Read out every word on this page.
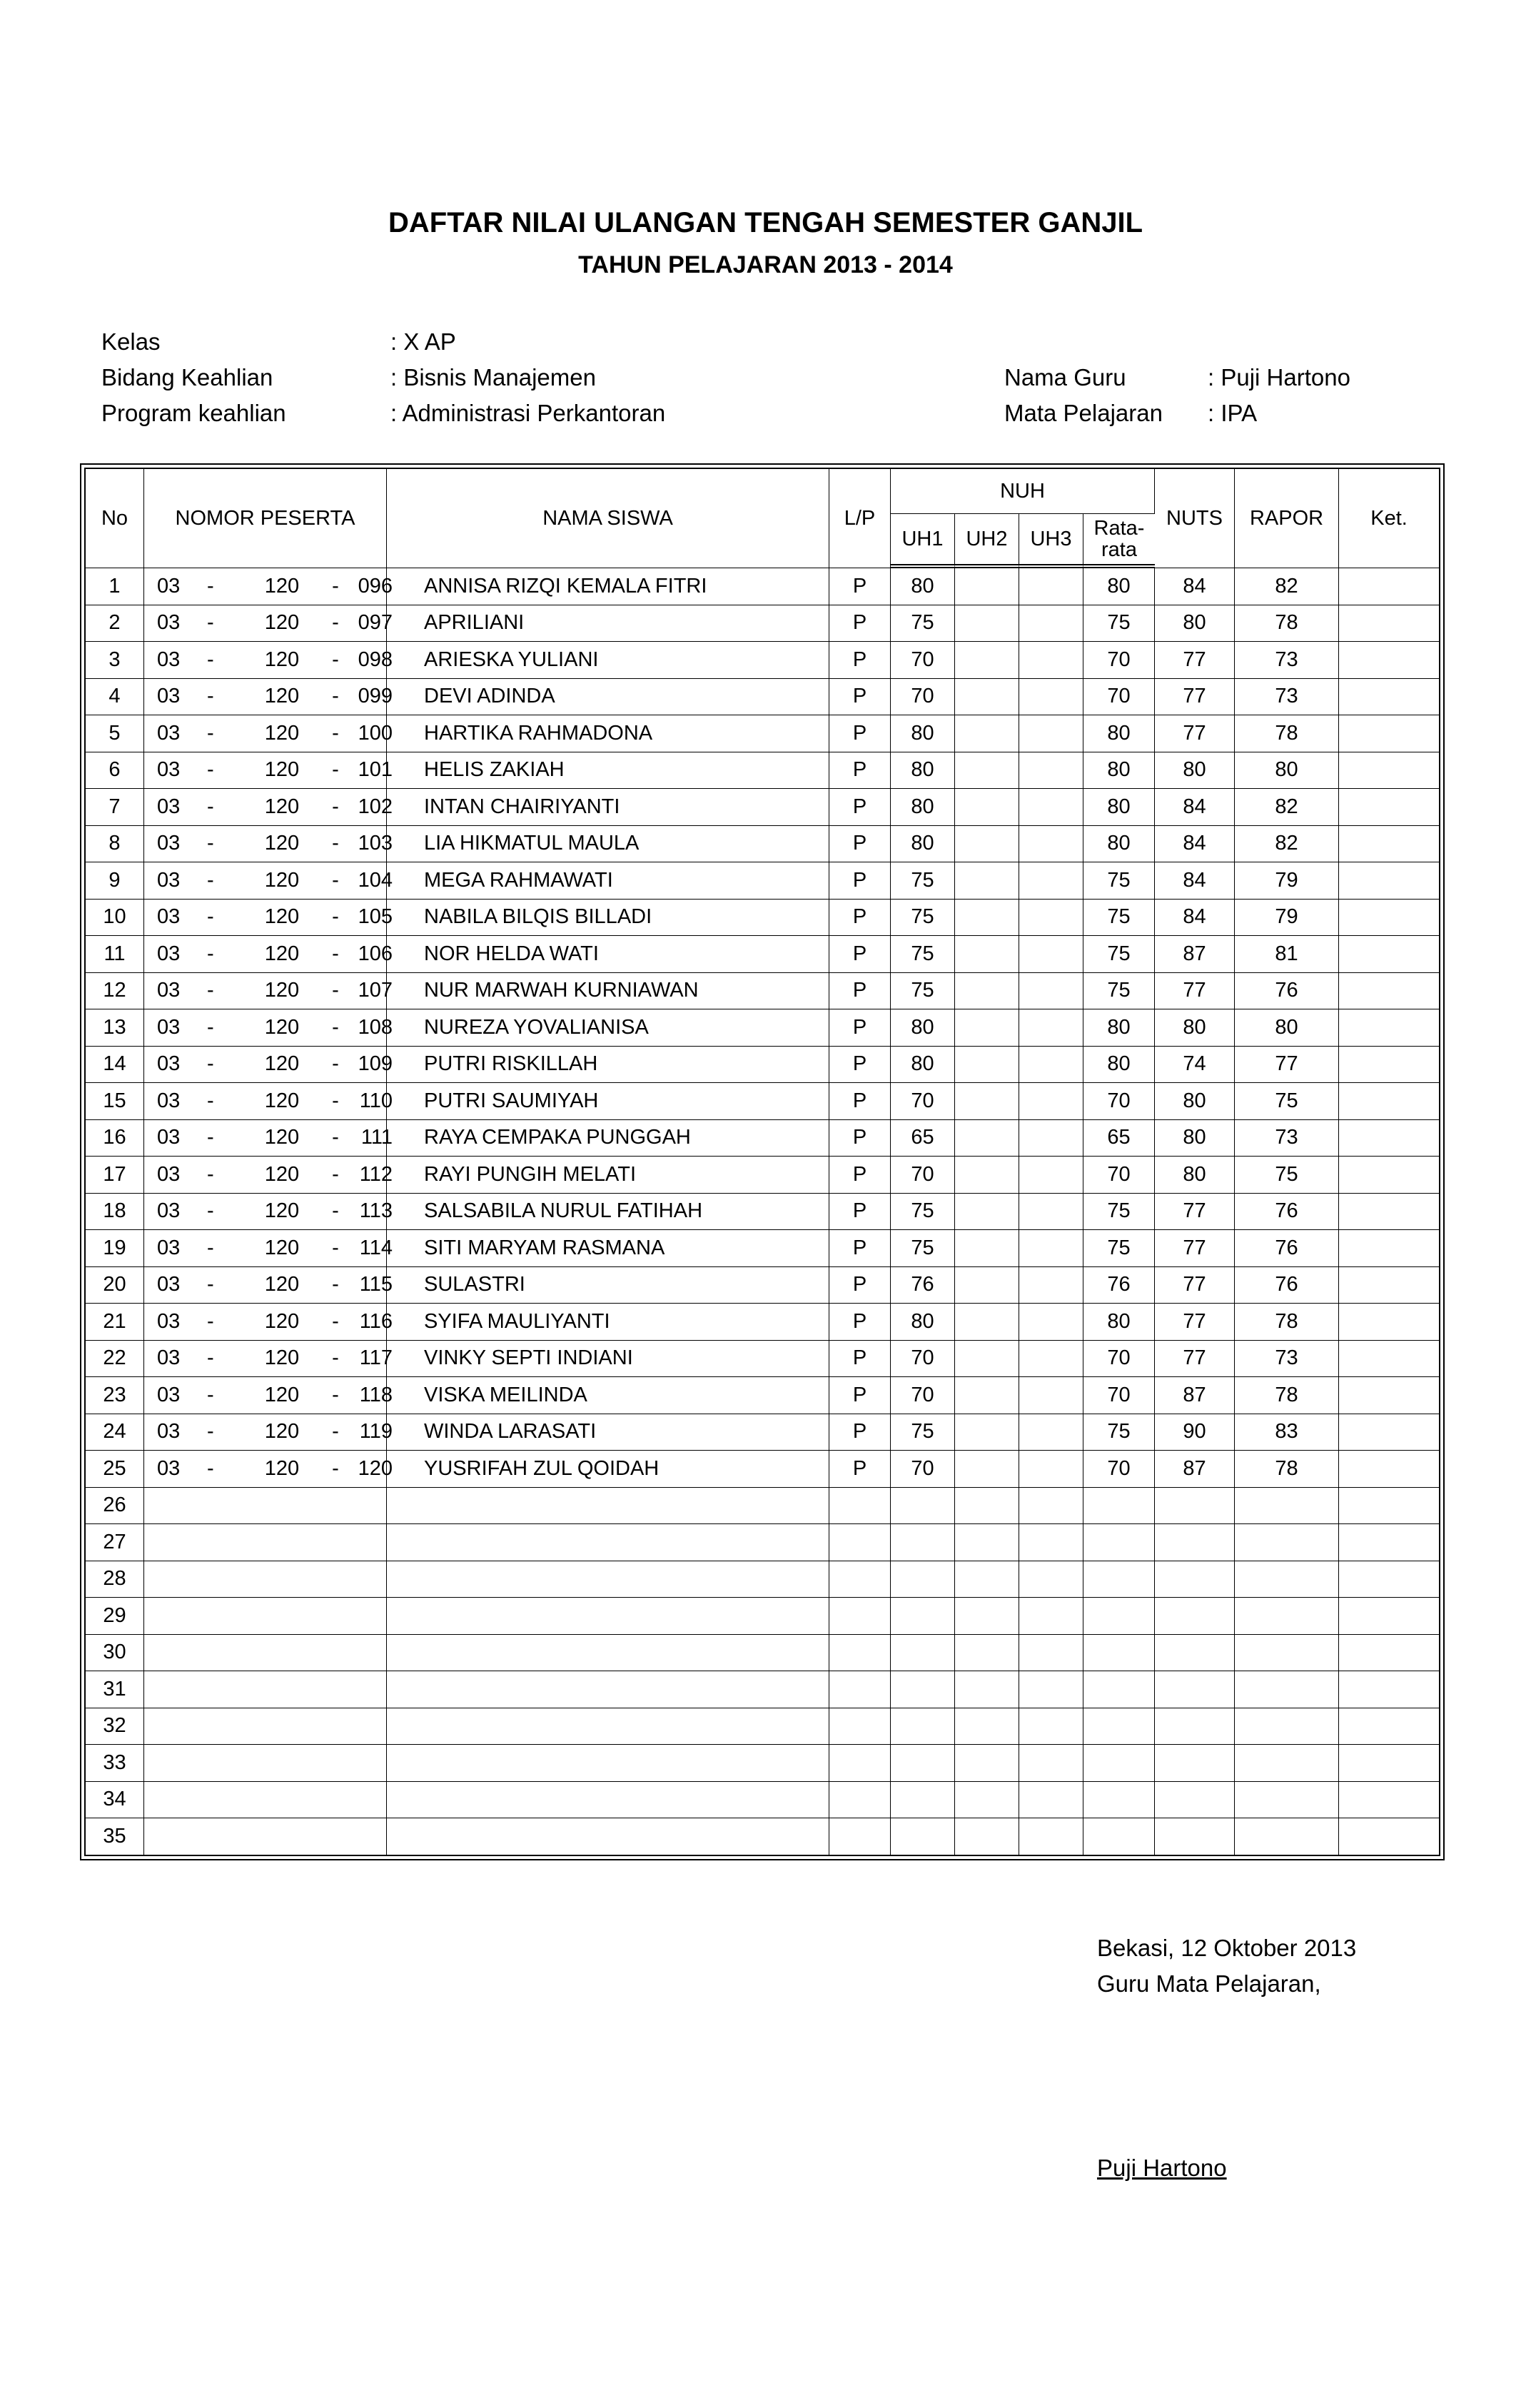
DAFTAR NILAI ULANGAN TENGAH SEMESTER GANJIL
TAHUN PELAJARAN 2013 - 2014
Kelas	: X AP
Bidang Keahlian	: Bisnis Manajemen
Program keahlian	: Administrasi Perkantoran
Nama Guru	: Puji Hartono
Mata Pelajaran : IPA
No	NOMOR PESERTA	NAMA SISWA	L/P	NUH				NUTS	RAPOR	Ket.
				UH1	UH2	UH3	Rata-
rata			
1	03 - 120 - 096	ANNISA RIZQI KEMALA FITRI	P	80			80	84	82	
2	03 - 120 - 097	APRILIANI	P	75			75	80	78	
3	03 - 120 - 098	ARIESKA YULIANI	P	70			70	77	73	
4	03 - 120 - 099	DEVI ADINDA	P	70			70	77	73	
5	03 - 120 - 100	HARTIKA RAHMADONA	P	80			80	77	78	
6	03 - 120 - 101	HELIS ZAKIAH	P	80			80	80	80	
7	03 - 120 - 102	INTAN CHAIRIYANTI	P	80			80	84	82	
8	03 - 120 - 103	LIA HIKMATUL MAULA	P	80			80	84	82	
9	03 - 120 - 104	MEGA RAHMAWATI	P	75			75	84	79	
10	03 - 120 - 105	NABILA BILQIS BILLADI	P	75			75	84	79	
11	03 - 120 - 106	NOR HELDA WATI	P	75			75	87	81	
12	03 - 120 - 107	NUR MARWAH KURNIAWAN	P	75			75	77	76	
13	03 - 120 - 108	NUREZA YOVALIANISA	P	80			80	80	80	
14	03 - 120 - 109	PUTRI RISKILLAH	P	80			80	74	77	
15	03 - 120 - 110	PUTRI SAUMIYAH	P	70			70	80	75	
16	03 - 120 - 111	RAYA CEMPAKA PUNGGAH	P	65			65	80	73	
17	03 - 120 - 112	RAYI PUNGIH MELATI	P	70			70	80	75	
18	03 - 120 - 113	SALSABILA NURUL FATIHAH	P	75			75	77	76	
19	03 - 120 - 114	SITI MARYAM RASMANA	P	75			75	77	76	
20	03 - 120 - 115	SULASTRI	P	76			76	77	76	
21	03 - 120 - 116	SYIFA MAULIYANTI	P	80			80	77	78	
22	03 - 120 - 117	VINKY SEPTI INDIANI	P	70			70	77	73	
23	03 - 120 - 118	VISKA MEILINDA	P	70			70	87	78	
24	03 - 120 - 119	WINDA LARASATI	P	75			75	90	83	
25	03 - 120 - 120	YUSRIFAH ZUL QOIDAH	P	70			70	87	78	
26										
27										
28										
29										
30										
31										
32										
33										
34										
35										
Bekasi, 12 Oktober 2013
Guru Mata Pelajaran,
Puji Hartono
